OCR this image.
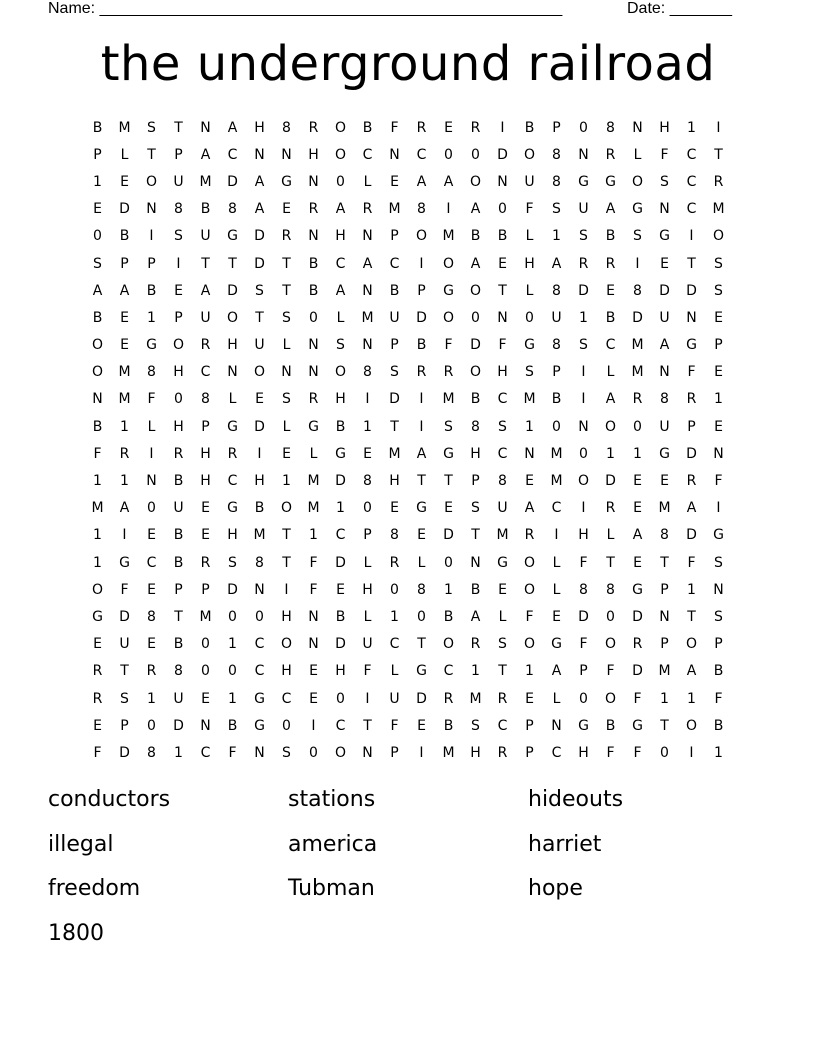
Name: ____________________________________________________	Date: _______
the underground railroad
B	M	S	T	N	A	H	8	R	O	B	F	R	E	R	I	B	P	0	8	N	H	1	I
P	L	T	P	A	C	N	N	H	O	C	N	C	0	0	D	O	8	N	R	L	F	C	T
1	E	O	U	M	D	A	G	N	0	L	E	A	A	O	N	U	8	G	G	O	S	C	R
E	D	N	8	B	8	A	E	R	A	R	M	8	I	A	0	F	S	U	A	G	N	C	M
0	B	I	S	U	G	D	R	N	H	N	P	O	M	B	B	L	1	S	B	S	G	I	O
S	P	P	I	T	T	D	T	B	C	A	C	I	O	A	E	H	A	R	R	I	E	T	S
A	A	B	E	A	D	S	T	B	A	N	B	P	G	O	T	L	8	D	E	8	D	D	S
B	E	1	P	U	O	T	S	0	L	M	U	D	O	0	N	0	U	1	B	D	U	N	E
O	E	G	O	R	H	U	L	N	S	N	P	B	F	D	F	G	8	S	C	M	A	G	P
O	M	8	H	C	N	O	N	N	O	8	S	R	R	O	H	S	P	I	L	M	N	F	E
N	M	F	0	8	L	E	S	R	H	I	D	I	M	B	C	M	B	I	A	R	8	R	1
B	1	L	H	P	G	D	L	G	B	1	T	I	S	8	S	1	0	N	O	0	U	P	E
F	R	I	R	H	R	I	E	L	G	E	M	A	G	H	C	N	M	0	1	1	G	D	N
1	1	N	B	H	C	H	1	M	D	8	H	T	T	P	8	E	M	O	D	E	E	R	F
M	A	0	U	E	G	B	O	M	1	0	E	G	E	S	U	A	C	I	R	E	M	A	I
1	I	E	B	E	H	M	T	1	C	P	8	E	D	T	M	R	I	H	L	A	8	D	G
1	G	C	B	R	S	8	T	F	D	L	R	L	0	N	G	O	L	F	T	E	T	F	S
O	F	E	P	P	D	N	I	F	E	H	0	8	1	B	E	O	L	8	8	G	P	1	N
G	D	8	T	M	0	0	H	N	B	L	1	0	B	A	L	F	E	D	0	D	N	T	S
E	U	E	B	0	1	C	O	N	D	U	C	T	O	R	S	O	G	F	O	R	P	O	P
R	T	R	8	0	0	C	H	E	H	F	L	G	C	1	T	1	A	P	F	D	M	A	B
R	S	1	U	E	1	G	C	E	0	I	U	D	R	M	R	E	L	0	O	F	1	1	F
E	P	0	D	N	B	G	0	I	C	T	F	E	B	S	C	P	N	G	B	G	T	O	B
F	D	8	1	C	F	N	S	0	O	N	P	I	M	H	R	P	C	H	F	F	0	I	1
conductors	stations	hideouts
illegal	america	harriet
freedom	Tubman	hope
1800
